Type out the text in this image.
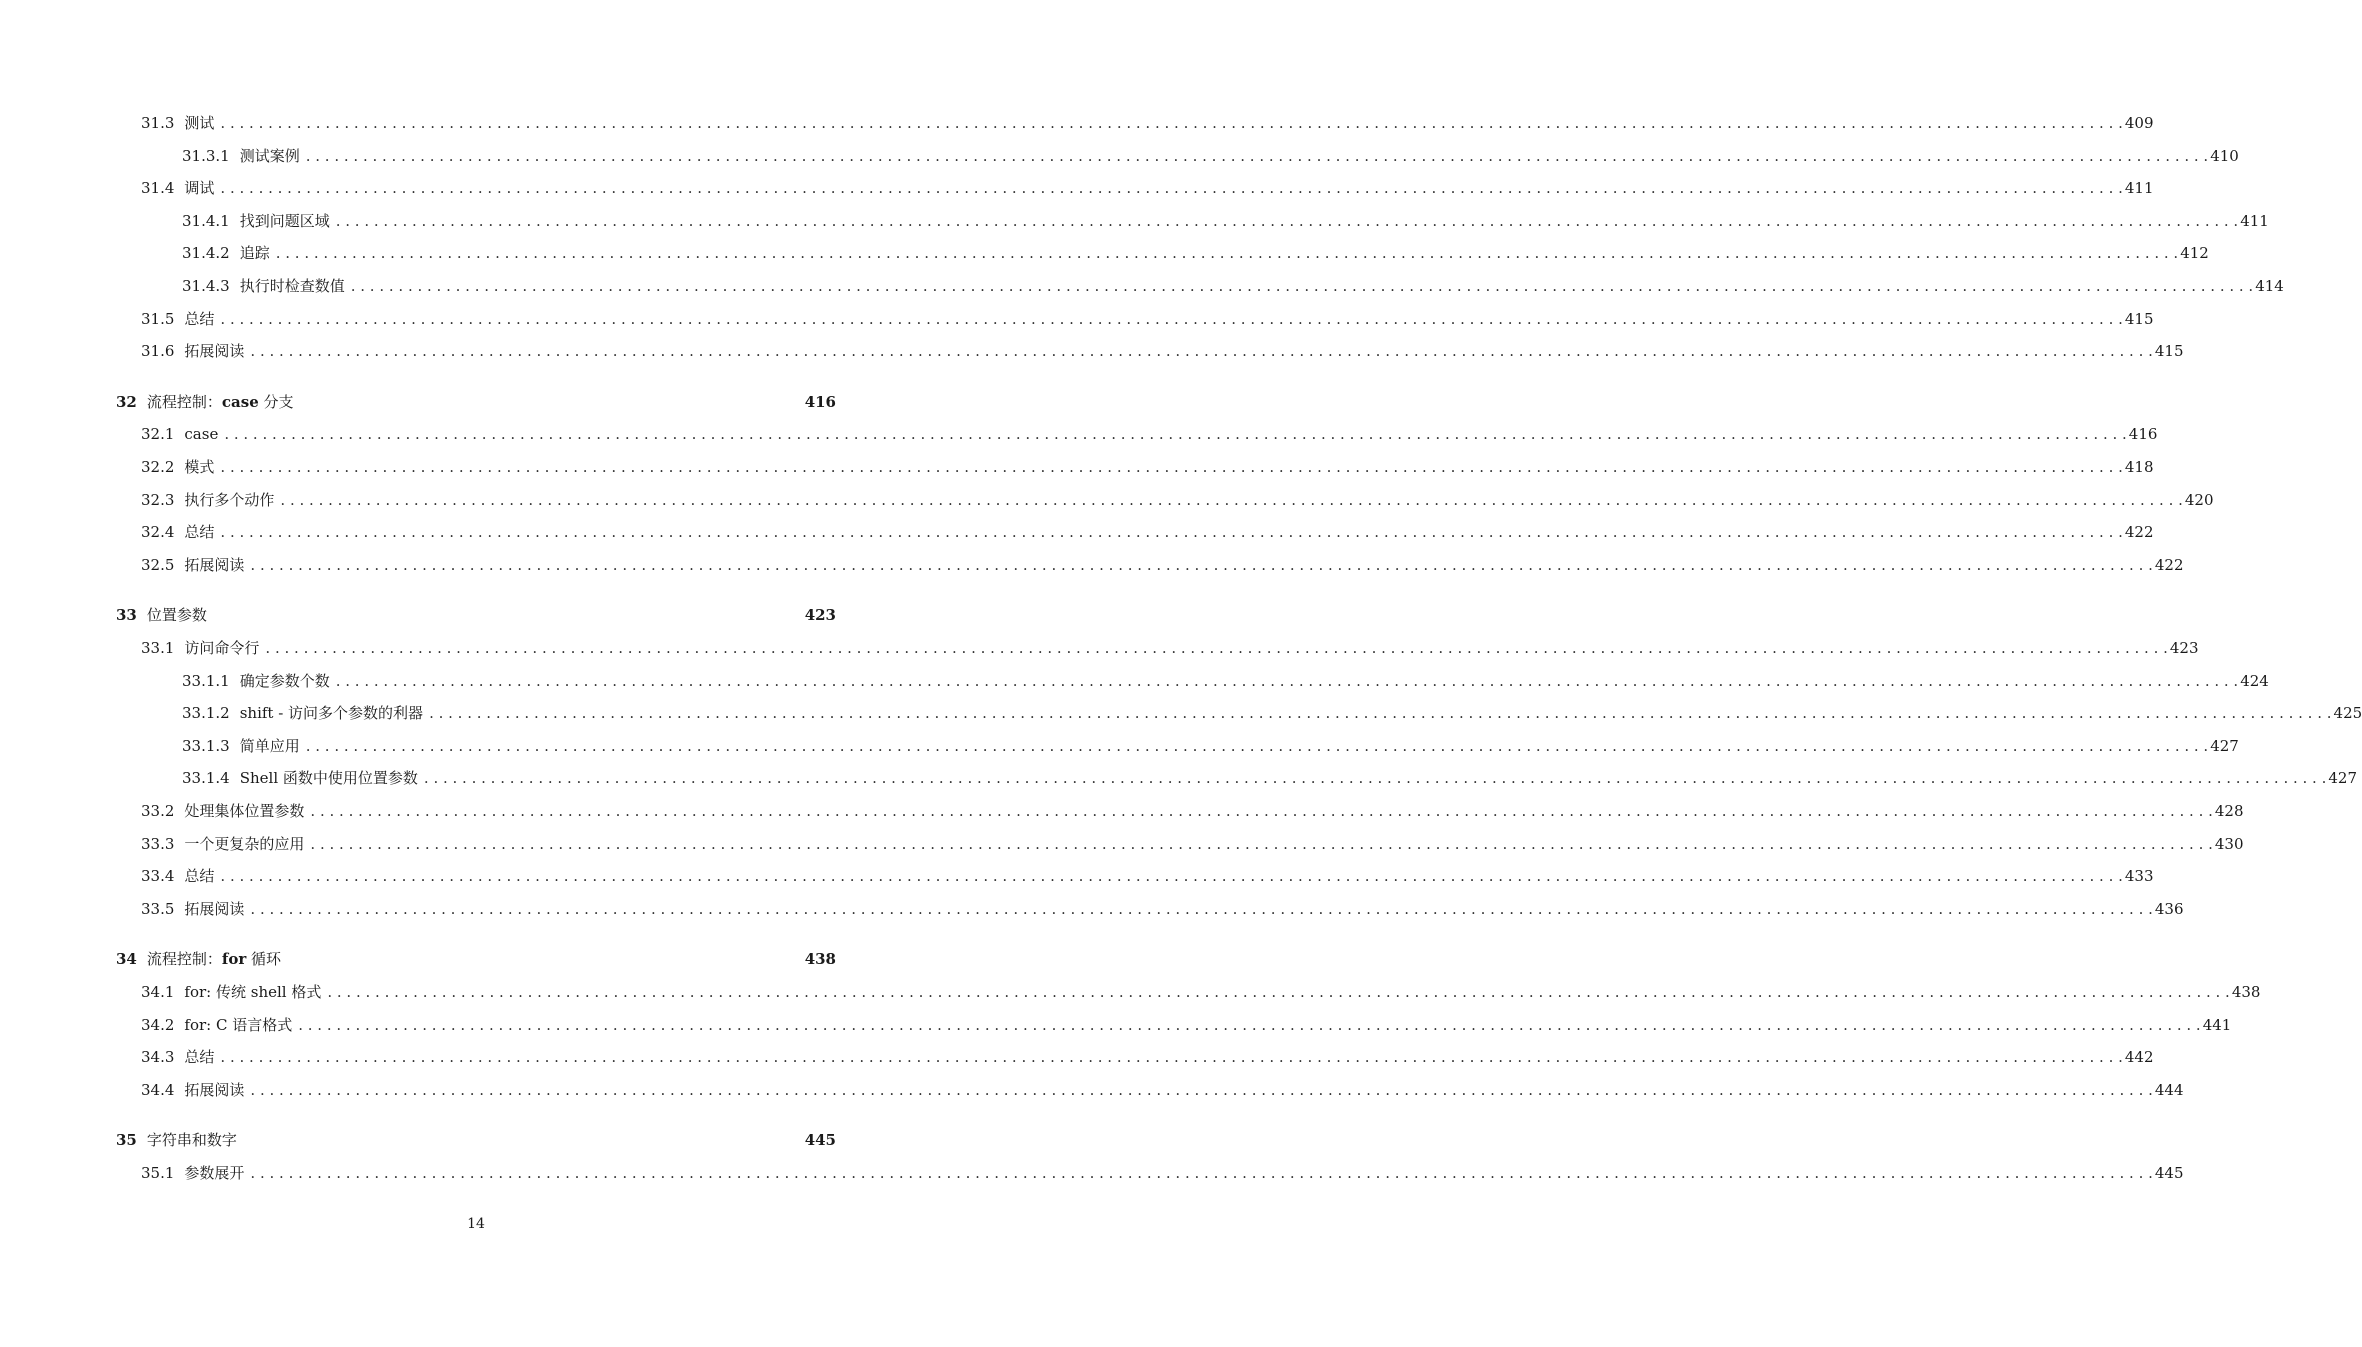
31.3 测试 . . . . . . . . . . . . . . . . . . . . . . . . . . . . . . . . . . . . . . . . . . . . . . . . . . . . . . . . . . . . . . . . . . . . . . . . . . . . . . . . . . . . . . . . . . . . . . . . . . . . . . . . . . . . . . . . . . . . . . . . . . . . . . . . . . . . . . . . . . . . . . . . . . . . . . . . . . . . . . . . . . . . . . . . . . . . . . . . . . . . . . . . . . . . . . . . . . . . . . . . 409
31.3.1 测试案例 . . . . . . . . . . . . . . . . . . . . . . . . . . . . . . . . . . . . . . . . . . . . . . . . . . . . . . . . . . . . . . . . . . . . . . . . . . . . . . . . . . . . . . . . . . . . . . . . . . . . . . . . . . . . . . . . . . . . . . . . . . . . . . . . . . . . . . . . . . . . . . . . . . . . . . . . . . . . . . . . . . . . . . . . . . . . . . . . . . . . . . . . . . . . . . . . . . . . . . . . 410
31.4 调试 . . . . . . . . . . . . . . . . . . . . . . . . . . . . . . . . . . . . . . . . . . . . . . . . . . . . . . . . . . . . . . . . . . . . . . . . . . . . . . . . . . . . . . . . . . . . . . . . . . . . . . . . . . . . . . . . . . . . . . . . . . . . . . . . . . . . . . . . . . . . . . . . . . . . . . . . . . . . . . . . . . . . . . . . . . . . . . . . . . . . . . . . . . . . . . . . . . . . . . . . 411
31.4.1 找到问题区域 . . . . . . . . . . . . . . . . . . . . . . . . . . . . . . . . . . . . . . . . . . . . . . . . . . . . . . . . . . . . . . . . . . . . . . . . . . . . . . . . . . . . . . . . . . . . . . . . . . . . . . . . . . . . . . . . . . . . . . . . . . . . . . . . . . . . . . . . . . . . . . . . . . . . . . . . . . . . . . . . . . . . . . . . . . . . . . . . . . . . . . . . . . . . . . . . . . . . . . . . 411
31.4.2 追踪 . . . . . . . . . . . . . . . . . . . . . . . . . . . . . . . . . . . . . . . . . . . . . . . . . . . . . . . . . . . . . . . . . . . . . . . . . . . . . . . . . . . . . . . . . . . . . . . . . . . . . . . . . . . . . . . . . . . . . . . . . . . . . . . . . . . . . . . . . . . . . . . . . . . . . . . . . . . . . . . . . . . . . . . . . . . . . . . . . . . . . . . . . . . . . . . . . . . . . . . . 412
31.4.3 执行时检查数值 . . . . . . . . . . . . . . . . . . . . . . . . . . . . . . . . . . . . . . . . . . . . . . . . . . . . . . . . . . . . . . . . . . . . . . . . . . . . . . . . . . . . . . . . . . . . . . . . . . . . . . . . . . . . . . . . . . . . . . . . . . . . . . . . . . . . . . . . . . . . . . . . . . . . . . . . . . . . . . . . . . . . . . . . . . . . . . . . . . . . . . . . . . . . . . . . . . . . . . . . 414
31.5 总结 . . . . . . . . . . . . . . . . . . . . . . . . . . . . . . . . . . . . . . . . . . . . . . . . . . . . . . . . . . . . . . . . . . . . . . . . . . . . . . . . . . . . . . . . . . . . . . . . . . . . . . . . . . . . . . . . . . . . . . . . . . . . . . . . . . . . . . . . . . . . . . . . . . . . . . . . . . . . . . . . . . . . . . . . . . . . . . . . . . . . . . . . . . . . . . . . . . . . . . . . 415
31.6 拓展阅读 . . . . . . . . . . . . . . . . . . . . . . . . . . . . . . . . . . . . . . . . . . . . . . . . . . . . . . . . . . . . . . . . . . . . . . . . . . . . . . . . . . . . . . . . . . . . . . . . . . . . . . . . . . . . . . . . . . . . . . . . . . . . . . . . . . . . . . . . . . . . . . . . . . . . . . . . . . . . . . . . . . . . . . . . . . . . . . . . . . . . . . . . . . . . . . . . . . . . . . . . 415
32 流程控制：case 分支	416
32.1 case . . . . . . . . . . . . . . . . . . . . . . . . . . . . . . . . . . . . . . . . . . . . . . . . . . . . . . . . . . . . . . . . . . . . . . . . . . . . . . . . . . . . . . . . . . . . . . . . . . . . . . . . . . . . . . . . . . . . . . . . . . . . . . . . . . . . . . . . . . . . . . . . . . . . . . . . . . . . . . . . . . . . . . . . . . . . . . . . . . . . . . . . . . . . . . . . . . . . . . . . 416
32.2 模式 . . . . . . . . . . . . . . . . . . . . . . . . . . . . . . . . . . . . . . . . . . . . . . . . . . . . . . . . . . . . . . . . . . . . . . . . . . . . . . . . . . . . . . . . . . . . . . . . . . . . . . . . . . . . . . . . . . . . . . . . . . . . . . . . . . . . . . . . . . . . . . . . . . . . . . . . . . . . . . . . . . . . . . . . . . . . . . . . . . . . . . . . . . . . . . . . . . . . . . . . 418
32.3 执行多个动作 . . . . . . . . . . . . . . . . . . . . . . . . . . . . . . . . . . . . . . . . . . . . . . . . . . . . . . . . . . . . . . . . . . . . . . . . . . . . . . . . . . . . . . . . . . . . . . . . . . . . . . . . . . . . . . . . . . . . . . . . . . . . . . . . . . . . . . . . . . . . . . . . . . . . . . . . . . . . . . . . . . . . . . . . . . . . . . . . . . . . . . . . . . . . . . . . . . . . . . . . 420
32.4 总结 . . . . . . . . . . . . . . . . . . . . . . . . . . . . . . . . . . . . . . . . . . . . . . . . . . . . . . . . . . . . . . . . . . . . . . . . . . . . . . . . . . . . . . . . . . . . . . . . . . . . . . . . . . . . . . . . . . . . . . . . . . . . . . . . . . . . . . . . . . . . . . . . . . . . . . . . . . . . . . . . . . . . . . . . . . . . . . . . . . . . . . . . . . . . . . . . . . . . . . . . 422
32.5 拓展阅读 . . . . . . . . . . . . . . . . . . . . . . . . . . . . . . . . . . . . . . . . . . . . . . . . . . . . . . . . . . . . . . . . . . . . . . . . . . . . . . . . . . . . . . . . . . . . . . . . . . . . . . . . . . . . . . . . . . . . . . . . . . . . . . . . . . . . . . . . . . . . . . . . . . . . . . . . . . . . . . . . . . . . . . . . . . . . . . . . . . . . . . . . . . . . . . . . . . . . . . . . 422
33 位置参数	423
33.1 访问命令行 . . . . . . . . . . . . . . . . . . . . . . . . . . . . . . . . . . . . . . . . . . . . . . . . . . . . . . . . . . . . . . . . . . . . . . . . . . . . . . . . . . . . . . . . . . . . . . . . . . . . . . . . . . . . . . . . . . . . . . . . . . . . . . . . . . . . . . . . . . . . . . . . . . . . . . . . . . . . . . . . . . . . . . . . . . . . . . . . . . . . . . . . . . . . . . . . . . . . . . . . 423
33.1.1 确定参数个数 . . . . . . . . . . . . . . . . . . . . . . . . . . . . . . . . . . . . . . . . . . . . . . . . . . . . . . . . . . . . . . . . . . . . . . . . . . . . . . . . . . . . . . . . . . . . . . . . . . . . . . . . . . . . . . . . . . . . . . . . . . . . . . . . . . . . . . . . . . . . . . . . . . . . . . . . . . . . . . . . . . . . . . . . . . . . . . . . . . . . . . . . . . . . . . . . . . . . . . . . 424
33.1.2 shift - 访问多个参数的利器 . . . . . . . . . . . . . . . . . . . . . . . . . . . . . . . . . . . . . . . . . . . . . . . . . . . . . . . . . . . . . . . . . . . . . . . . . . . . . . . . . . . . . . . . . . . . . . . . . . . . . . . . . . . . . . . . . . . . . . . . . . . . . . . . . . . . . . . . . . . . . . . . . . . . . . . . . . . . . . . . . . . . . . . . . . . . . . . . . . . . . . . . . . . . . . . . . . . . . . . . 425
33.1.3 简单应用 . . . . . . . . . . . . . . . . . . . . . . . . . . . . . . . . . . . . . . . . . . . . . . . . . . . . . . . . . . . . . . . . . . . . . . . . . . . . . . . . . . . . . . . . . . . . . . . . . . . . . . . . . . . . . . . . . . . . . . . . . . . . . . . . . . . . . . . . . . . . . . . . . . . . . . . . . . . . . . . . . . . . . . . . . . . . . . . . . . . . . . . . . . . . . . . . . . . . . . . . 427
33.1.4 Shell 函数中使用位置参数 . . . . . . . . . . . . . . . . . . . . . . . . . . . . . . . . . . . . . . . . . . . . . . . . . . . . . . . . . . . . . . . . . . . . . . . . . . . . . . . . . . . . . . . . . . . . . . . . . . . . . . . . . . . . . . . . . . . . . . . . . . . . . . . . . . . . . . . . . . . . . . . . . . . . . . . . . . . . . . . . . . . . . . . . . . . . . . . . . . . . . . . . . . . . . . . . . . . . . . . . 427
33.2 处理集体位置参数 . . . . . . . . . . . . . . . . . . . . . . . . . . . . . . . . . . . . . . . . . . . . . . . . . . . . . . . . . . . . . . . . . . . . . . . . . . . . . . . . . . . . . . . . . . . . . . . . . . . . . . . . . . . . . . . . . . . . . . . . . . . . . . . . . . . . . . . . . . . . . . . . . . . . . . . . . . . . . . . . . . . . . . . . . . . . . . . . . . . . . . . . . . . . . . . . . . . . . . . . 428
33.3 一个更复杂的应用 . . . . . . . . . . . . . . . . . . . . . . . . . . . . . . . . . . . . . . . . . . . . . . . . . . . . . . . . . . . . . . . . . . . . . . . . . . . . . . . . . . . . . . . . . . . . . . . . . . . . . . . . . . . . . . . . . . . . . . . . . . . . . . . . . . . . . . . . . . . . . . . . . . . . . . . . . . . . . . . . . . . . . . . . . . . . . . . . . . . . . . . . . . . . . . . . . . . . . . . . 430
33.4 总结 . . . . . . . . . . . . . . . . . . . . . . . . . . . . . . . . . . . . . . . . . . . . . . . . . . . . . . . . . . . . . . . . . . . . . . . . . . . . . . . . . . . . . . . . . . . . . . . . . . . . . . . . . . . . . . . . . . . . . . . . . . . . . . . . . . . . . . . . . . . . . . . . . . . . . . . . . . . . . . . . . . . . . . . . . . . . . . . . . . . . . . . . . . . . . . . . . . . . . . . . 433
33.5 拓展阅读 . . . . . . . . . . . . . . . . . . . . . . . . . . . . . . . . . . . . . . . . . . . . . . . . . . . . . . . . . . . . . . . . . . . . . . . . . . . . . . . . . . . . . . . . . . . . . . . . . . . . . . . . . . . . . . . . . . . . . . . . . . . . . . . . . . . . . . . . . . . . . . . . . . . . . . . . . . . . . . . . . . . . . . . . . . . . . . . . . . . . . . . . . . . . . . . . . . . . . . . . 436
34 流程控制：for 循环	438
34.1 for: 传统 shell 格式 . . . . . . . . . . . . . . . . . . . . . . . . . . . . . . . . . . . . . . . . . . . . . . . . . . . . . . . . . . . . . . . . . . . . . . . . . . . . . . . . . . . . . . . . . . . . . . . . . . . . . . . . . . . . . . . . . . . . . . . . . . . . . . . . . . . . . . . . . . . . . . . . . . . . . . . . . . . . . . . . . . . . . . . . . . . . . . . . . . . . . . . . . . . . . . . . . . . . . . . . 438
34.2 for: C 语言格式 . . . . . . . . . . . . . . . . . . . . . . . . . . . . . . . . . . . . . . . . . . . . . . . . . . . . . . . . . . . . . . . . . . . . . . . . . . . . . . . . . . . . . . . . . . . . . . . . . . . . . . . . . . . . . . . . . . . . . . . . . . . . . . . . . . . . . . . . . . . . . . . . . . . . . . . . . . . . . . . . . . . . . . . . . . . . . . . . . . . . . . . . . . . . . . . . . . . . . . . . 441
34.3 总结 . . . . . . . . . . . . . . . . . . . . . . . . . . . . . . . . . . . . . . . . . . . . . . . . . . . . . . . . . . . . . . . . . . . . . . . . . . . . . . . . . . . . . . . . . . . . . . . . . . . . . . . . . . . . . . . . . . . . . . . . . . . . . . . . . . . . . . . . . . . . . . . . . . . . . . . . . . . . . . . . . . . . . . . . . . . . . . . . . . . . . . . . . . . . . . . . . . . . . . . . 442
34.4 拓展阅读 . . . . . . . . . . . . . . . . . . . . . . . . . . . . . . . . . . . . . . . . . . . . . . . . . . . . . . . . . . . . . . . . . . . . . . . . . . . . . . . . . . . . . . . . . . . . . . . . . . . . . . . . . . . . . . . . . . . . . . . . . . . . . . . . . . . . . . . . . . . . . . . . . . . . . . . . . . . . . . . . . . . . . . . . . . . . . . . . . . . . . . . . . . . . . . . . . . . . . . . . 444
35 字符串和数字	445
35.1 参数展开 . . . . . . . . . . . . . . . . . . . . . . . . . . . . . . . . . . . . . . . . . . . . . . . . . . . . . . . . . . . . . . . . . . . . . . . . . . . . . . . . . . . . . . . . . . . . . . . . . . . . . . . . . . . . . . . . . . . . . . . . . . . . . . . . . . . . . . . . . . . . . . . . . . . . . . . . . . . . . . . . . . . . . . . . . . . . . . . . . . . . . . . . . . . . . . . . . . . . . . . . 445
14
